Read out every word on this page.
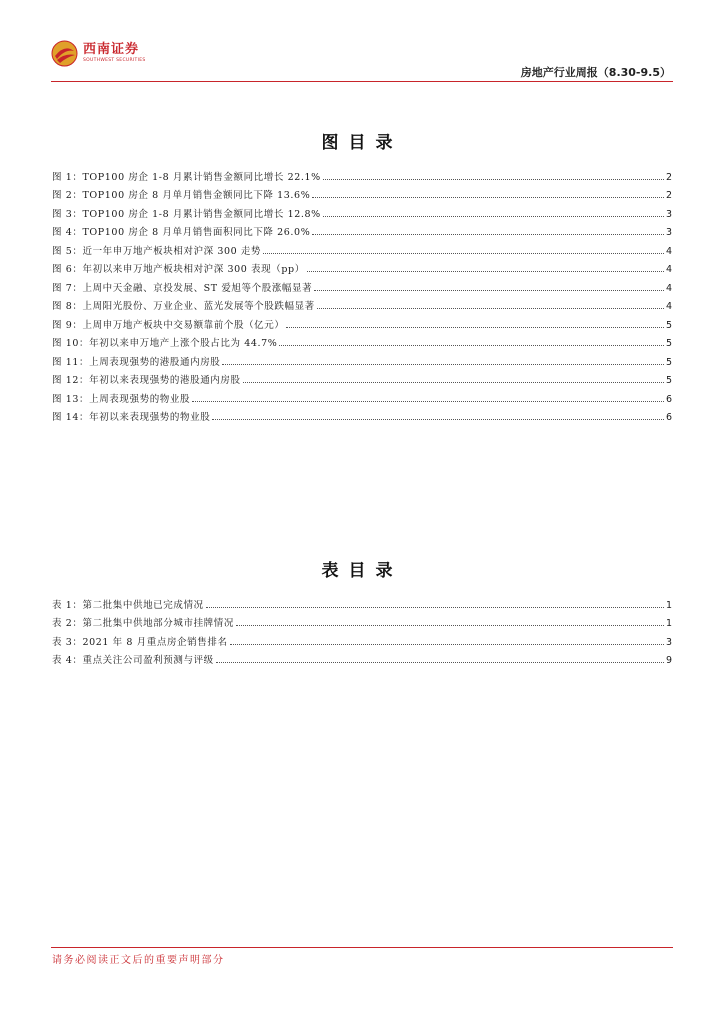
西南证券
SOUTHWEST SECURITIES
房地产行业周报（8.30-9.5）
图目录
图 1：TOP100 房企 1-8 月累计销售金额同比增长 22.1%	2
图 2：TOP100 房企 8 月单月销售金额同比下降 13.6%	2
图 3：TOP100 房企 1-8 月累计销售金额同比增长 12.8%	3
图 4：TOP100 房企 8 月单月销售面积同比下降 26.0%	3
图 5：近一年申万地产板块相对沪深 300 走势	4
图 6：年初以来申万地产板块相对沪深 300 表现（pp）	4
图 7：上周中天金融、京投发展、ST 爱旭等个股涨幅显著	4
图 8：上周阳光股份、万业企业、蓝光发展等个股跌幅显著	4
图 9：上周申万地产板块中交易额靠前个股（亿元）	5
图 10：年初以来申万地产上涨个股占比为 44.7%	5
图 11：上周表现强势的港股通内房股	5
图 12：年初以来表现强势的港股通内房股	5
图 13：上周表现强势的物业股	6
图 14：年初以来表现强势的物业股	6
表目录
表 1：第二批集中供地已完成情况	1
表 2：第二批集中供地部分城市挂牌情况	1
表 3：2021 年 8 月重点房企销售排名	3
表 4：重点关注公司盈利预测与评级	9
请务必阅读正文后的重要声明部分
